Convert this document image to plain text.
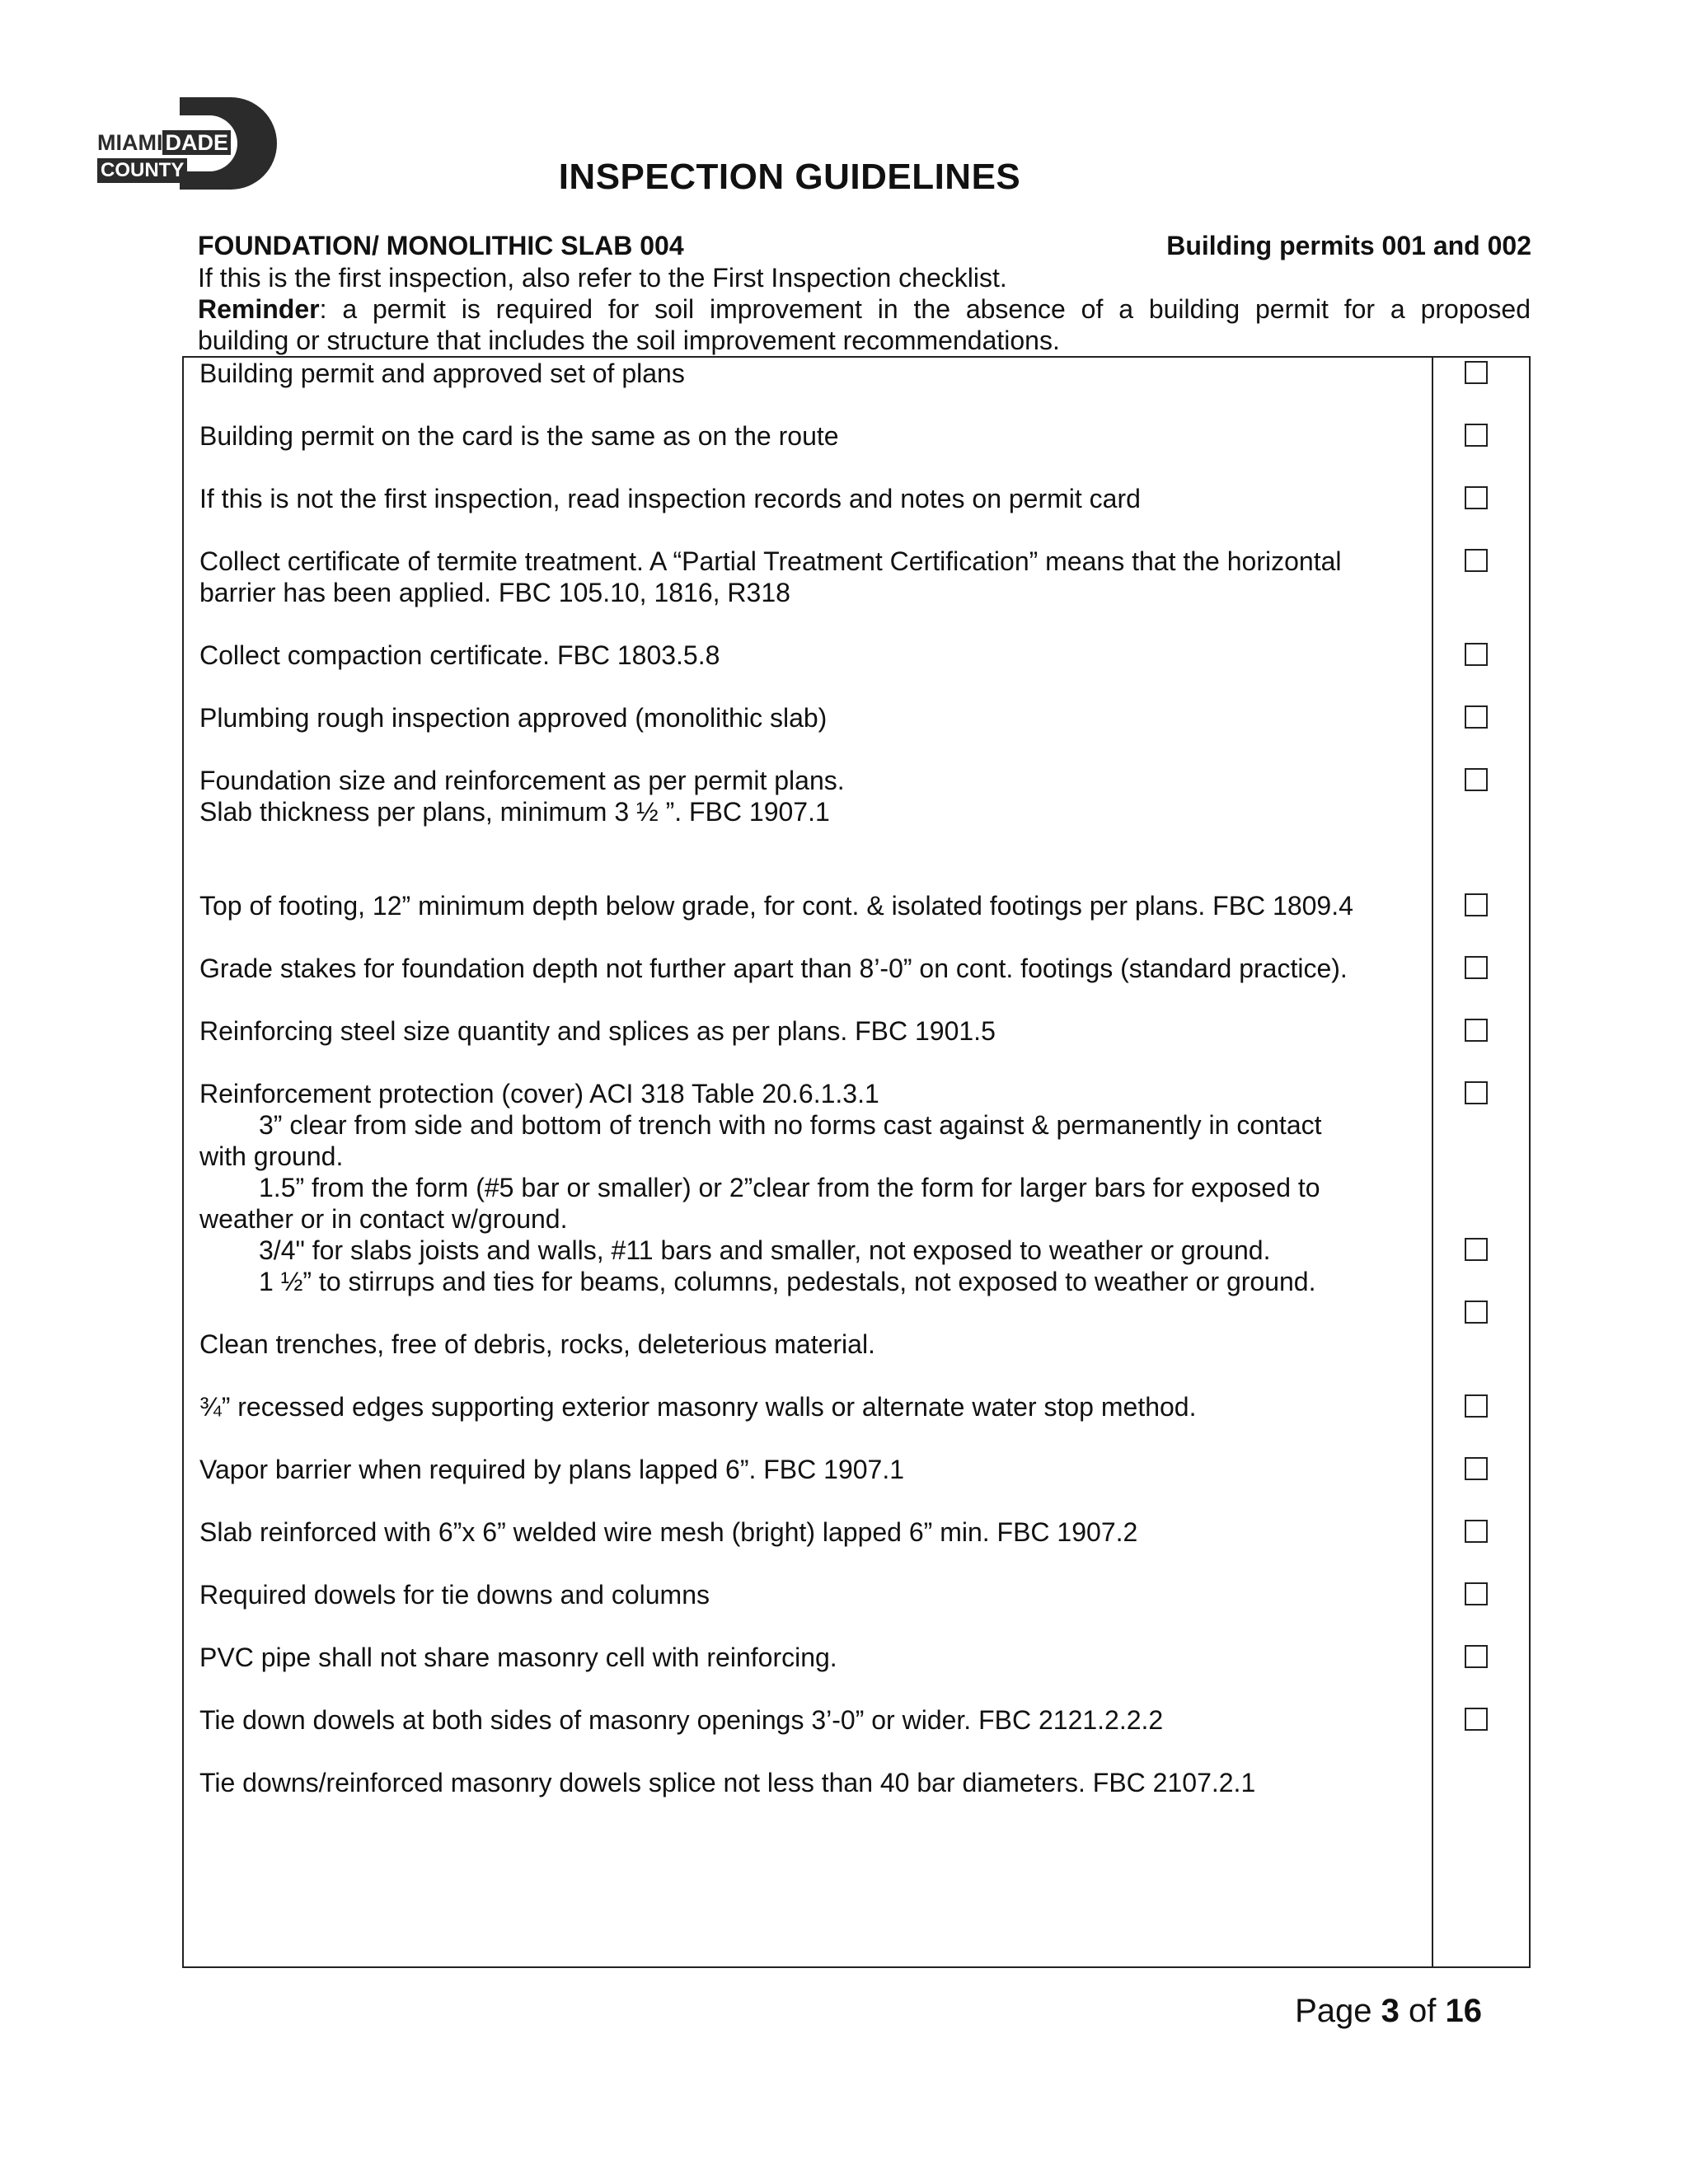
MIAMI DADE
COUNTY	INSPECTION GUIDELINES
FOUNDATION/ MONOLITHIC SLAB 004	Building permits 001 and 002
If this is the first inspection, also refer to the First Inspection checklist.
Reminder: a permit is required for soil improvement in the absence of a building permit for a proposed
building or structure that includes the soil improvement recommendations.
Building permit and approved set of plans
Building permit on the card is the same as on the route
If this is not the first inspection, read inspection records and notes on permit card
Collect certificate of termite treatment. A “Partial Treatment Certification” means that the horizontal
barrier has been applied. FBC 105.10, 1816, R318
Collect compaction certificate. FBC 1803.5.8
Plumbing rough inspection approved (monolithic slab)
Foundation size and reinforcement as per permit plans.
Slab thickness per plans, minimum 3 ½ ”. FBC 1907.1
Top of footing, 12” minimum depth below grade, for cont. & isolated footings per plans. FBC 1809.4
Grade stakes for foundation depth not further apart than 8’-0” on cont. footings (standard practice).
Reinforcing steel size quantity and splices as per plans. FBC 1901.5
Reinforcement protection (cover) ACI 318 Table 20.6.1.3.1
3” clear from side and bottom of trench with no forms cast against & permanently in contact
with ground.
1.5” from the form (#5 bar or smaller) or 2”clear from the form for larger bars for exposed to
weather or in contact w/ground.
3/4" for slabs joists and walls, #11 bars and smaller, not exposed to weather or ground.
1 ½” to stirrups and ties for beams, columns, pedestals, not exposed to weather or ground.
Clean trenches, free of debris, rocks, deleterious material.
¾” recessed edges supporting exterior masonry walls or alternate water stop method.
Vapor barrier when required by plans lapped 6”. FBC 1907.1
Slab reinforced with 6”x 6” welded wire mesh (bright) lapped 6” min. FBC 1907.2
Required dowels for tie downs and columns
PVC pipe shall not share masonry cell with reinforcing.
Tie down dowels at both sides of masonry openings 3’-0” or wider. FBC 2121.2.2.2
Tie downs/reinforced masonry dowels splice not less than 40 bar diameters. FBC 2107.2.1
Page 3 of 16
